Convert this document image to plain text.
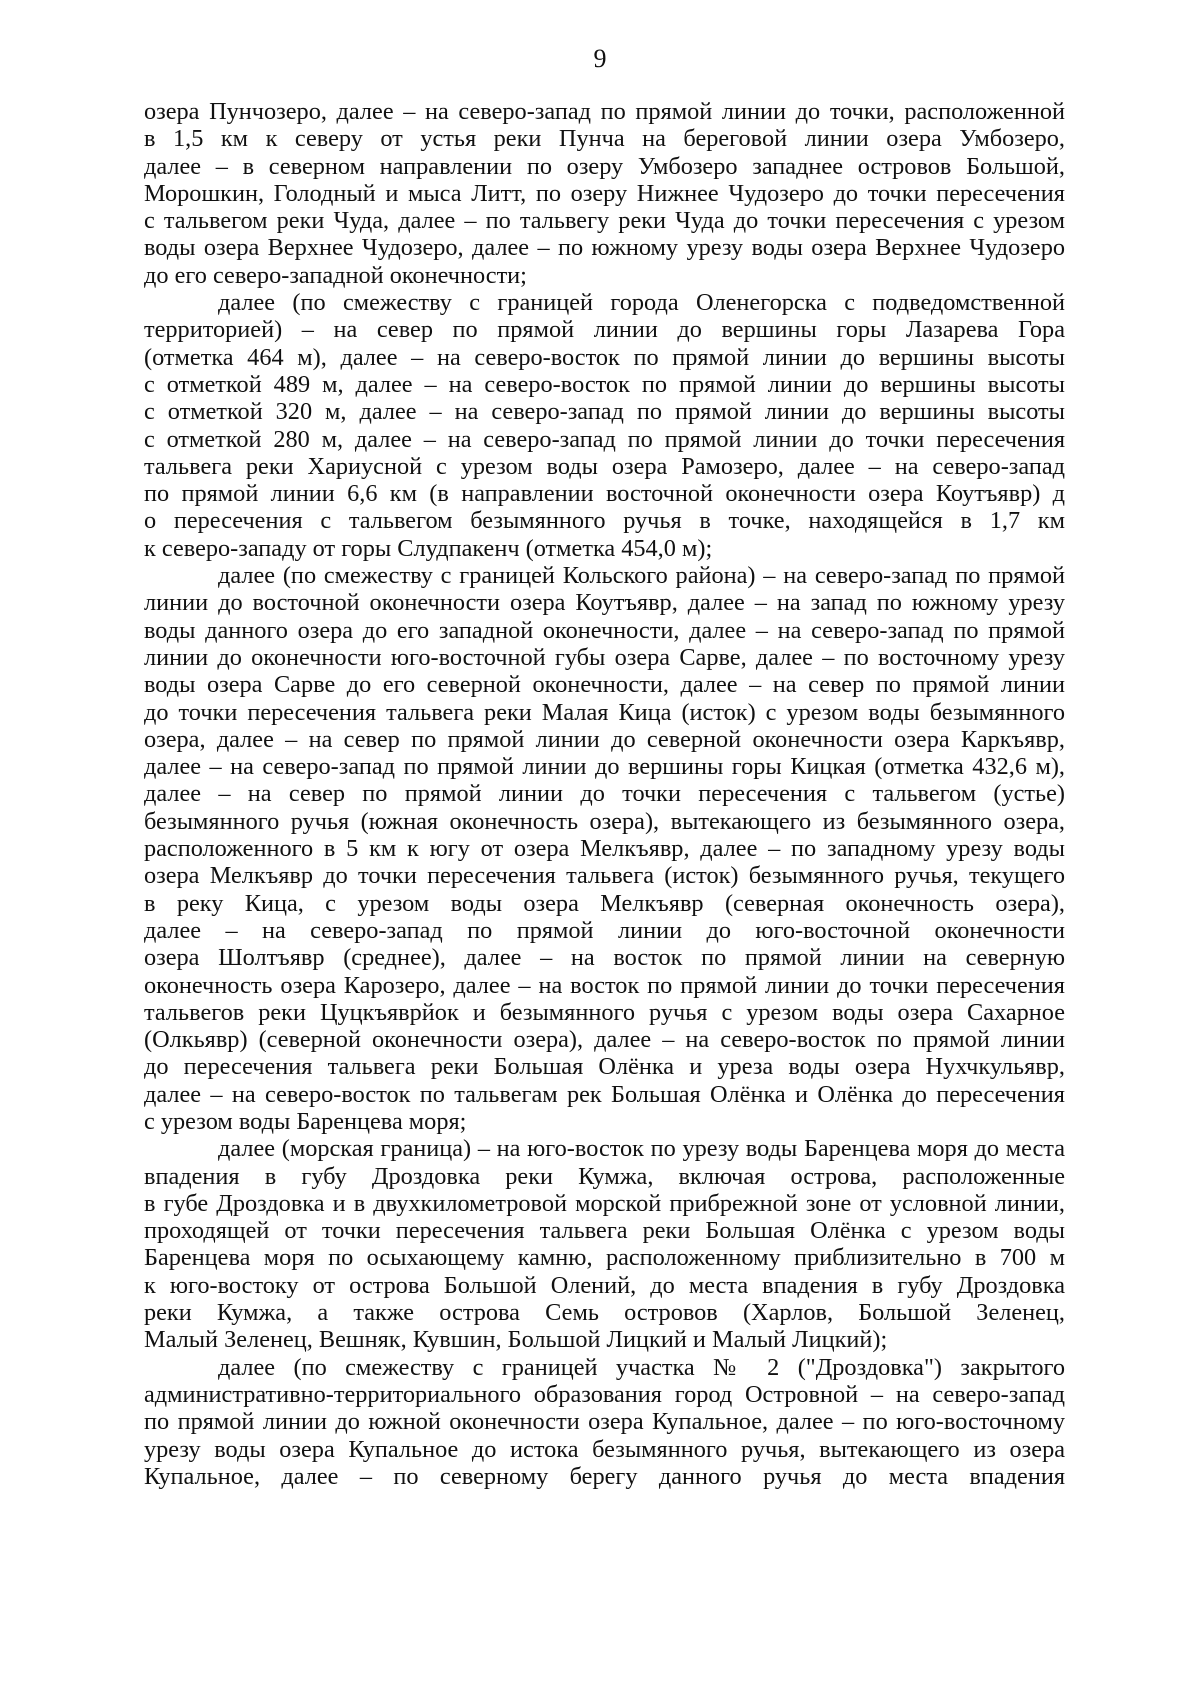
9
озера Пунчозеро, далее – на северо-запад по прямой линии до точки, расположенной
в 1,5 км к северу от устья реки Пунча на береговой линии озера Умбозеро,
далее – в северном направлении по озеру Умбозеро западнее островов Большой,
Морошкин, Голодный и мыса Литт, по озеру Нижнее Чудозеро до точки пересечения
с тальвегом реки Чуда, далее – по тальвегу реки Чуда до точки пересечения с урезом
воды озера Верхнее Чудозеро, далее – по южному урезу воды озера Верхнее Чудозеро
до его северо-западной оконечности;
далее (по смежеству с границей города Оленегорска с подведомственной
территорией) – на север по прямой линии до вершины горы Лазарева Гора
(отметка 464 м), далее – на северо-восток по прямой линии до вершины высоты
с отметкой 489 м, далее – на северо-восток по прямой линии до вершины высоты
с отметкой 320 м, далее – на северо-запад по прямой линии до вершины высоты
с отметкой 280 м, далее – на северо-запад по прямой линии до точки пересечения
тальвега реки Хариусной с урезом воды озера Рамозеро, далее – на северо-запад
по прямой линии 6,6 км (в направлении восточной оконечности озера Коутъявр) д
о пересечения с тальвегом безымянного ручья в точке, находящейся в 1,7 км
к северо-западу от горы Слудпакенч (отметка 454,0 м);
далее (по смежеству с границей Кольского района) – на северо-запад по прямой
линии до восточной оконечности озера Коутъявр, далее – на запад по южному урезу
воды данного озера до его западной оконечности, далее – на северо-запад по прямой
линии до оконечности юго-восточной губы озера Сарве, далее – по восточному урезу
воды озера Сарве до его северной оконечности, далее – на север по прямой линии
до точки пересечения тальвега реки Малая Кица (исток) с урезом воды безымянного
озера, далее – на север по прямой линии до северной оконечности озера Каркъявр,
далее – на северо-запад по прямой линии до вершины горы Кицкая (отметка 432,6 м),
далее – на север по прямой линии до точки пересечения с тальвегом (устье)
безымянного ручья (южная оконечность озера), вытекающего из безымянного озера,
расположенного в 5 км к югу от озера Мелкъявр, далее – по западному урезу воды
озера Мелкъявр до точки пересечения тальвега (исток) безымянного ручья, текущего
в реку Кица, с урезом воды озера Мелкъявр (северная оконечность озера),
далее – на северо-запад по прямой линии до юго-восточной оконечности
озера Шолтъявр (среднее), далее – на восток по прямой линии на северную
оконечность озера Карозеро, далее – на восток по прямой линии до точки пересечения
тальвегов реки Цуцкъяврйок и безымянного ручья с урезом воды озера Сахарное
(Олкьявр) (северной оконечности озера), далее – на северо-восток по прямой линии
до пересечения тальвега реки Большая Олёнка и уреза воды озера Нухчкульявр,
далее – на северо-восток по тальвегам рек Большая Олёнка и Олёнка до пересечения
с урезом воды Баренцева моря;
далее (морская граница) – на юго-восток по урезу воды Баренцева моря до места
впадения в губу Дроздовка реки Кумжа, включая острова, расположенные
в губе Дроздовка и в двухкилометровой морской прибрежной зоне от условной линии,
проходящей от точки пересечения тальвега реки Большая Олёнка с урезом воды
Баренцева моря по осыхающему камню, расположенному приблизительно в 700 м
к юго-востоку от острова Большой Олений, до места впадения в губу Дроздовка
реки Кумжа, а также острова Семь островов (Харлов, Большой Зеленец,
Малый Зеленец, Вешняк, Кувшин, Большой Лицкий и Малый Лицкий);
далее (по смежеству с границей участка № 2 ("Дроздовка") закрытого
административно-территориального образования город Островной – на северо-запад
по прямой линии до южной оконечности озера Купальное, далее – по юго-восточному
урезу воды озера Купальное до истока безымянного ручья, вытекающего из озера
Купальное, далее – по северному берегу данного ручья до места впадения
